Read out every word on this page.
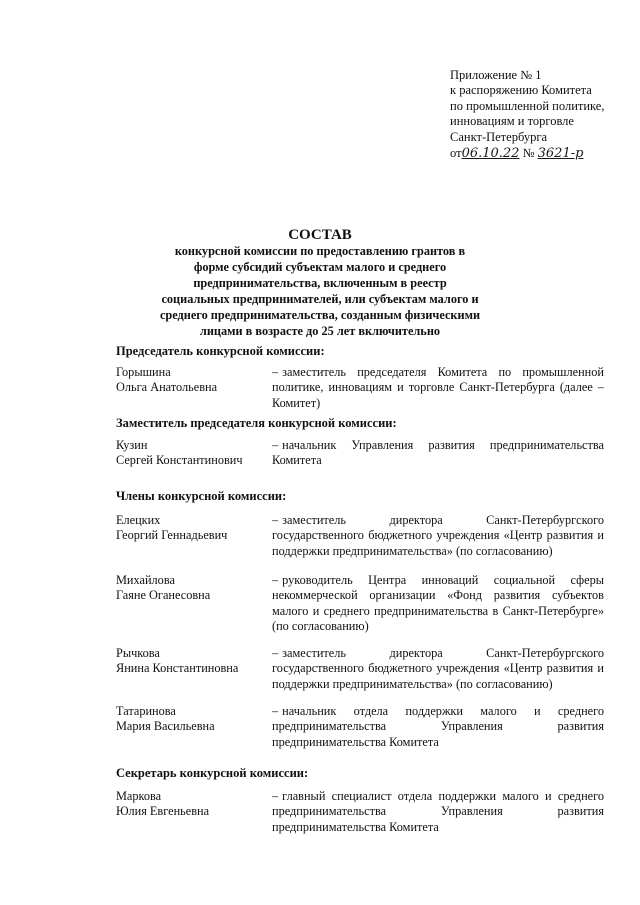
Приложение № 1
к распоряжению Комитета
по промышленной политике,
инновациям и торговле
Санкт-Петербурга
от06.10.22 № 3621-р
СОСТАВ
конкурсной комиссии по предоставлению грантов в форме субсидий субъектам малого и среднего предпринимательства, включенным в реестр социальных предпринимателей, или субъектам малого и среднего предпринимательства, созданным физическими лицами в возрасте до 25 лет включительно
Председатель конкурсной комиссии:
Горышина
Ольга Анатольевна
– заместитель председателя Комитета по промышленной политике, инновациям и торговле Санкт-Петербурга (далее – Комитет)
Заместитель председателя конкурсной комиссии:
Кузин
Сергей Константинович
– начальник Управления развития предпринимательства Комитета
Члены конкурсной комиссии:
Елецких
Георгий Геннадьевич
– заместитель директора Санкт-Петербургского государственного бюджетного учреждения «Центр развития и поддержки предпринимательства» (по согласованию)
Михайлова
Гаяне Оганесовна
– руководитель Центра инноваций социальной сферы некоммерческой организации «Фонд развития субъектов малого и среднего предпринимательства в Санкт-Петербурге» (по согласованию)
Рычкова
Янина Константиновна
– заместитель директора Санкт-Петербургского государственного бюджетного учреждения «Центр развития и поддержки предпринимательства» (по согласованию)
Татаринова
Мария Васильевна
– начальник отдела поддержки малого и среднего предпринимательства Управления развития предпринимательства Комитета
Секретарь конкурсной комиссии:
Маркова
Юлия Евгеньевна
– главный специалист отдела поддержки малого и среднего предпринимательства Управления развития предпринимательства Комитета
